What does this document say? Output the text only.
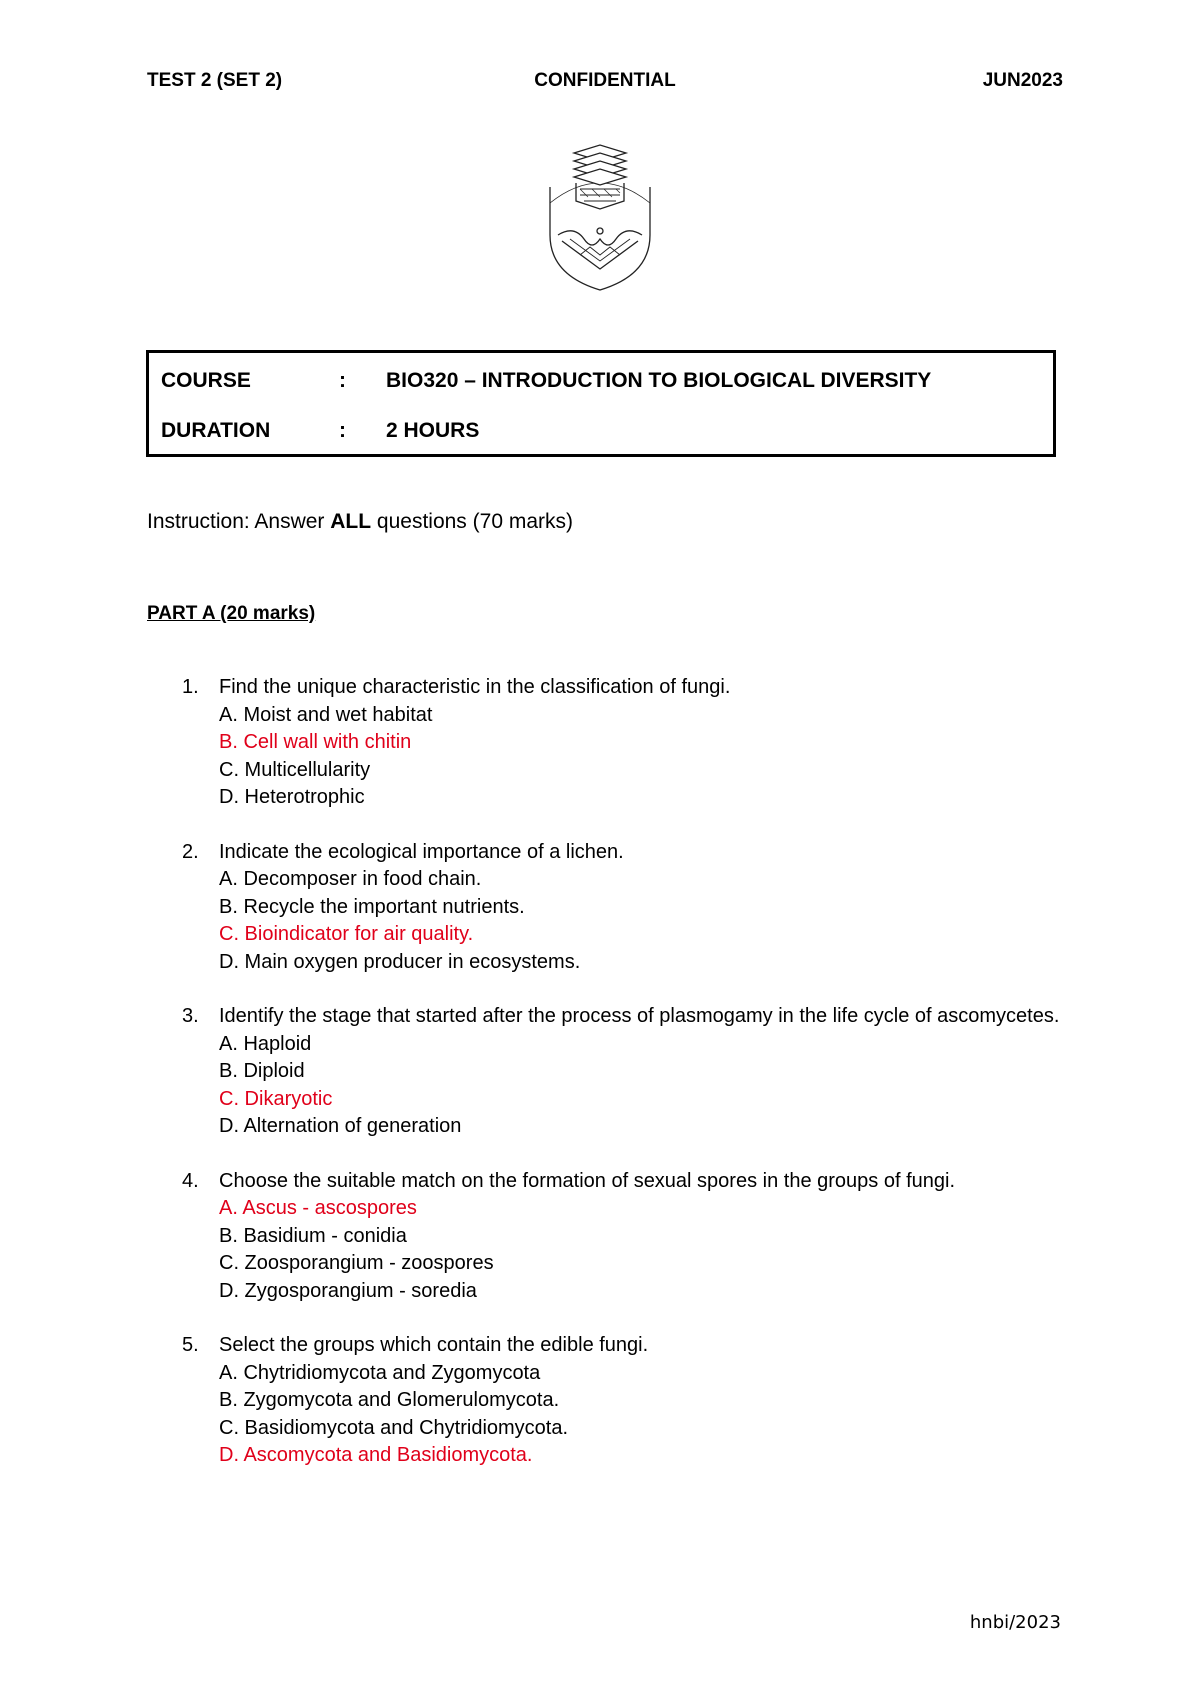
TEST 2 (SET 2)	CONFIDENTIAL	JUN2023
COURSE	: BIO320 – INTRODUCTION TO BIOLOGICAL DIVERSITY
DURATION	: 2 HOURS
Instruction: Answer ALL questions (70 marks)
PART A (20 marks)
1.	Find the unique characteristic in the classification of fungi.
A. Moist and wet habitat
B. Cell wall with chitin
C. Multicellularity
D. Heterotrophic
2.	Indicate the ecological importance of a lichen.
A. Decomposer in food chain.
B. Recycle the important nutrients.
C. Bioindicator for air quality.
D. Main oxygen producer in ecosystems.
3.	Identify the stage that started after the process of plasmogamy in the life cycle of ascomycetes.
A. Haploid
B. Diploid
C. Dikaryotic
D. Alternation of generation
4.	Choose the suitable match on the formation of sexual spores in the groups of fungi.
A. Ascus - ascospores
B. Basidium - conidia
C. Zoosporangium - zoospores
D. Zygosporangium - soredia
5.	Select the groups which contain the edible fungi.
A. Chytridiomycota and Zygomycota
B. Zygomycota and Glomerulomycota.
C. Basidiomycota and Chytridiomycota.
D. Ascomycota and Basidiomycota.
hnbi/2023
